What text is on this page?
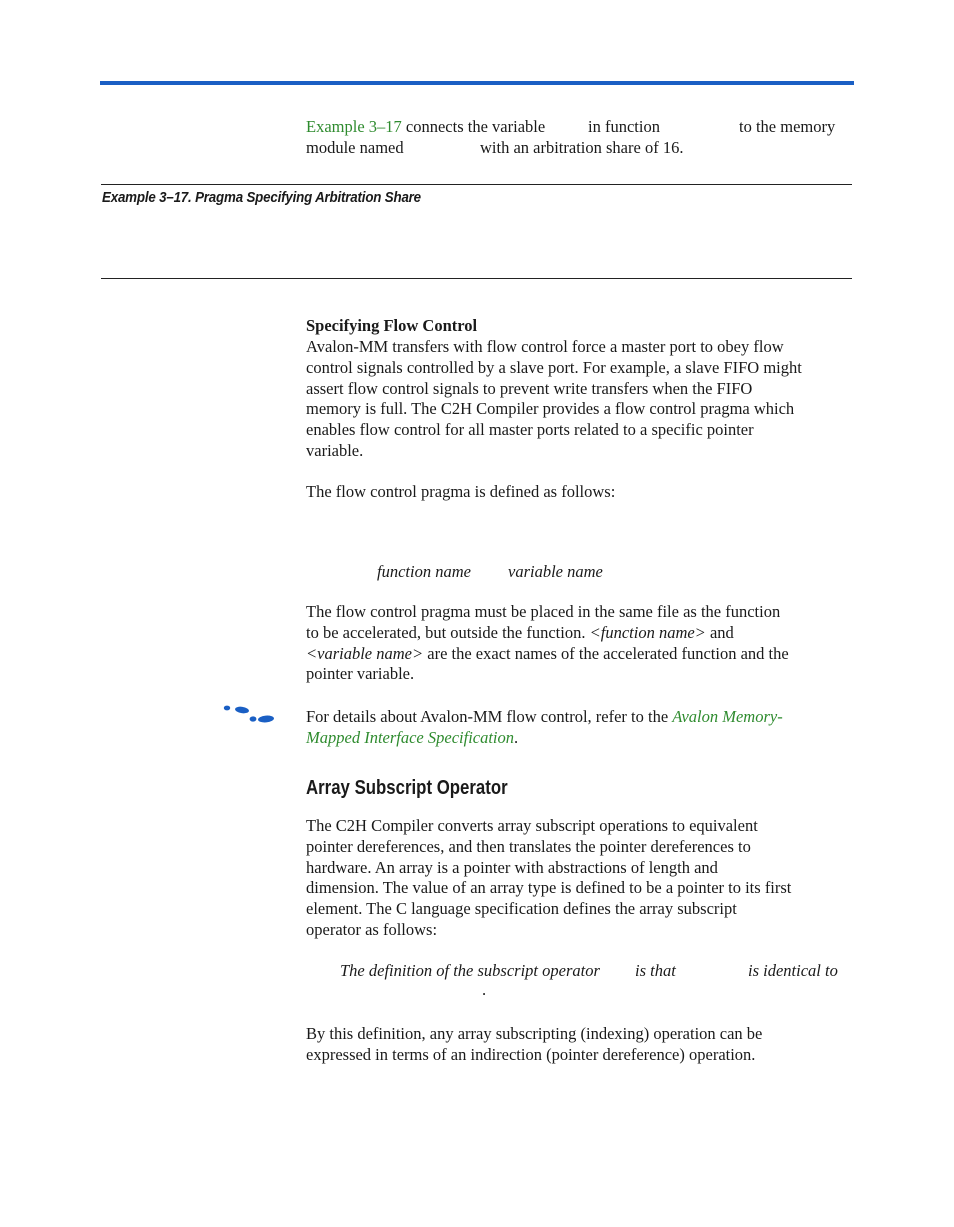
Example 3–17 connects the variable	in function	to the memory
module named	with an arbitration share of 16.
Example 3–17. Pragma Specifying Arbitration Share
Specifying Flow Control
Avalon-MM transfers with flow control force a master port to obey flow
control signals controlled by a slave port. For example, a slave FIFO might
assert flow control signals to prevent write transfers when the FIFO
memory is full. The C2H Compiler provides a flow control pragma which
enables flow control for all master ports related to a specific pointer
variable.
The flow control pragma is defined as follows:
function name variable name
The flow control pragma must be placed in the same file as the function
to be accelerated, but outside the function. <function name> and
<variable name> are the exact names of the accelerated function and the
pointer variable.
For details about Avalon-MM flow control, refer to the Avalon Memory-
Mapped Interface Specification.
Array Subscript Operator
The C2H Compiler converts array subscript operations to equivalent
pointer dereferences, and then translates the pointer dereferences to
hardware. An array is a pointer with abstractions of length and
dimension. The value of an array type is defined to be a pointer to its first
element. The C language specification defines the array subscript
operator as follows:
The definition of the subscript operator is that	is identical to
.
By this definition, any array subscripting (indexing) operation can be
expressed in terms of an indirection (pointer dereference) operation.
